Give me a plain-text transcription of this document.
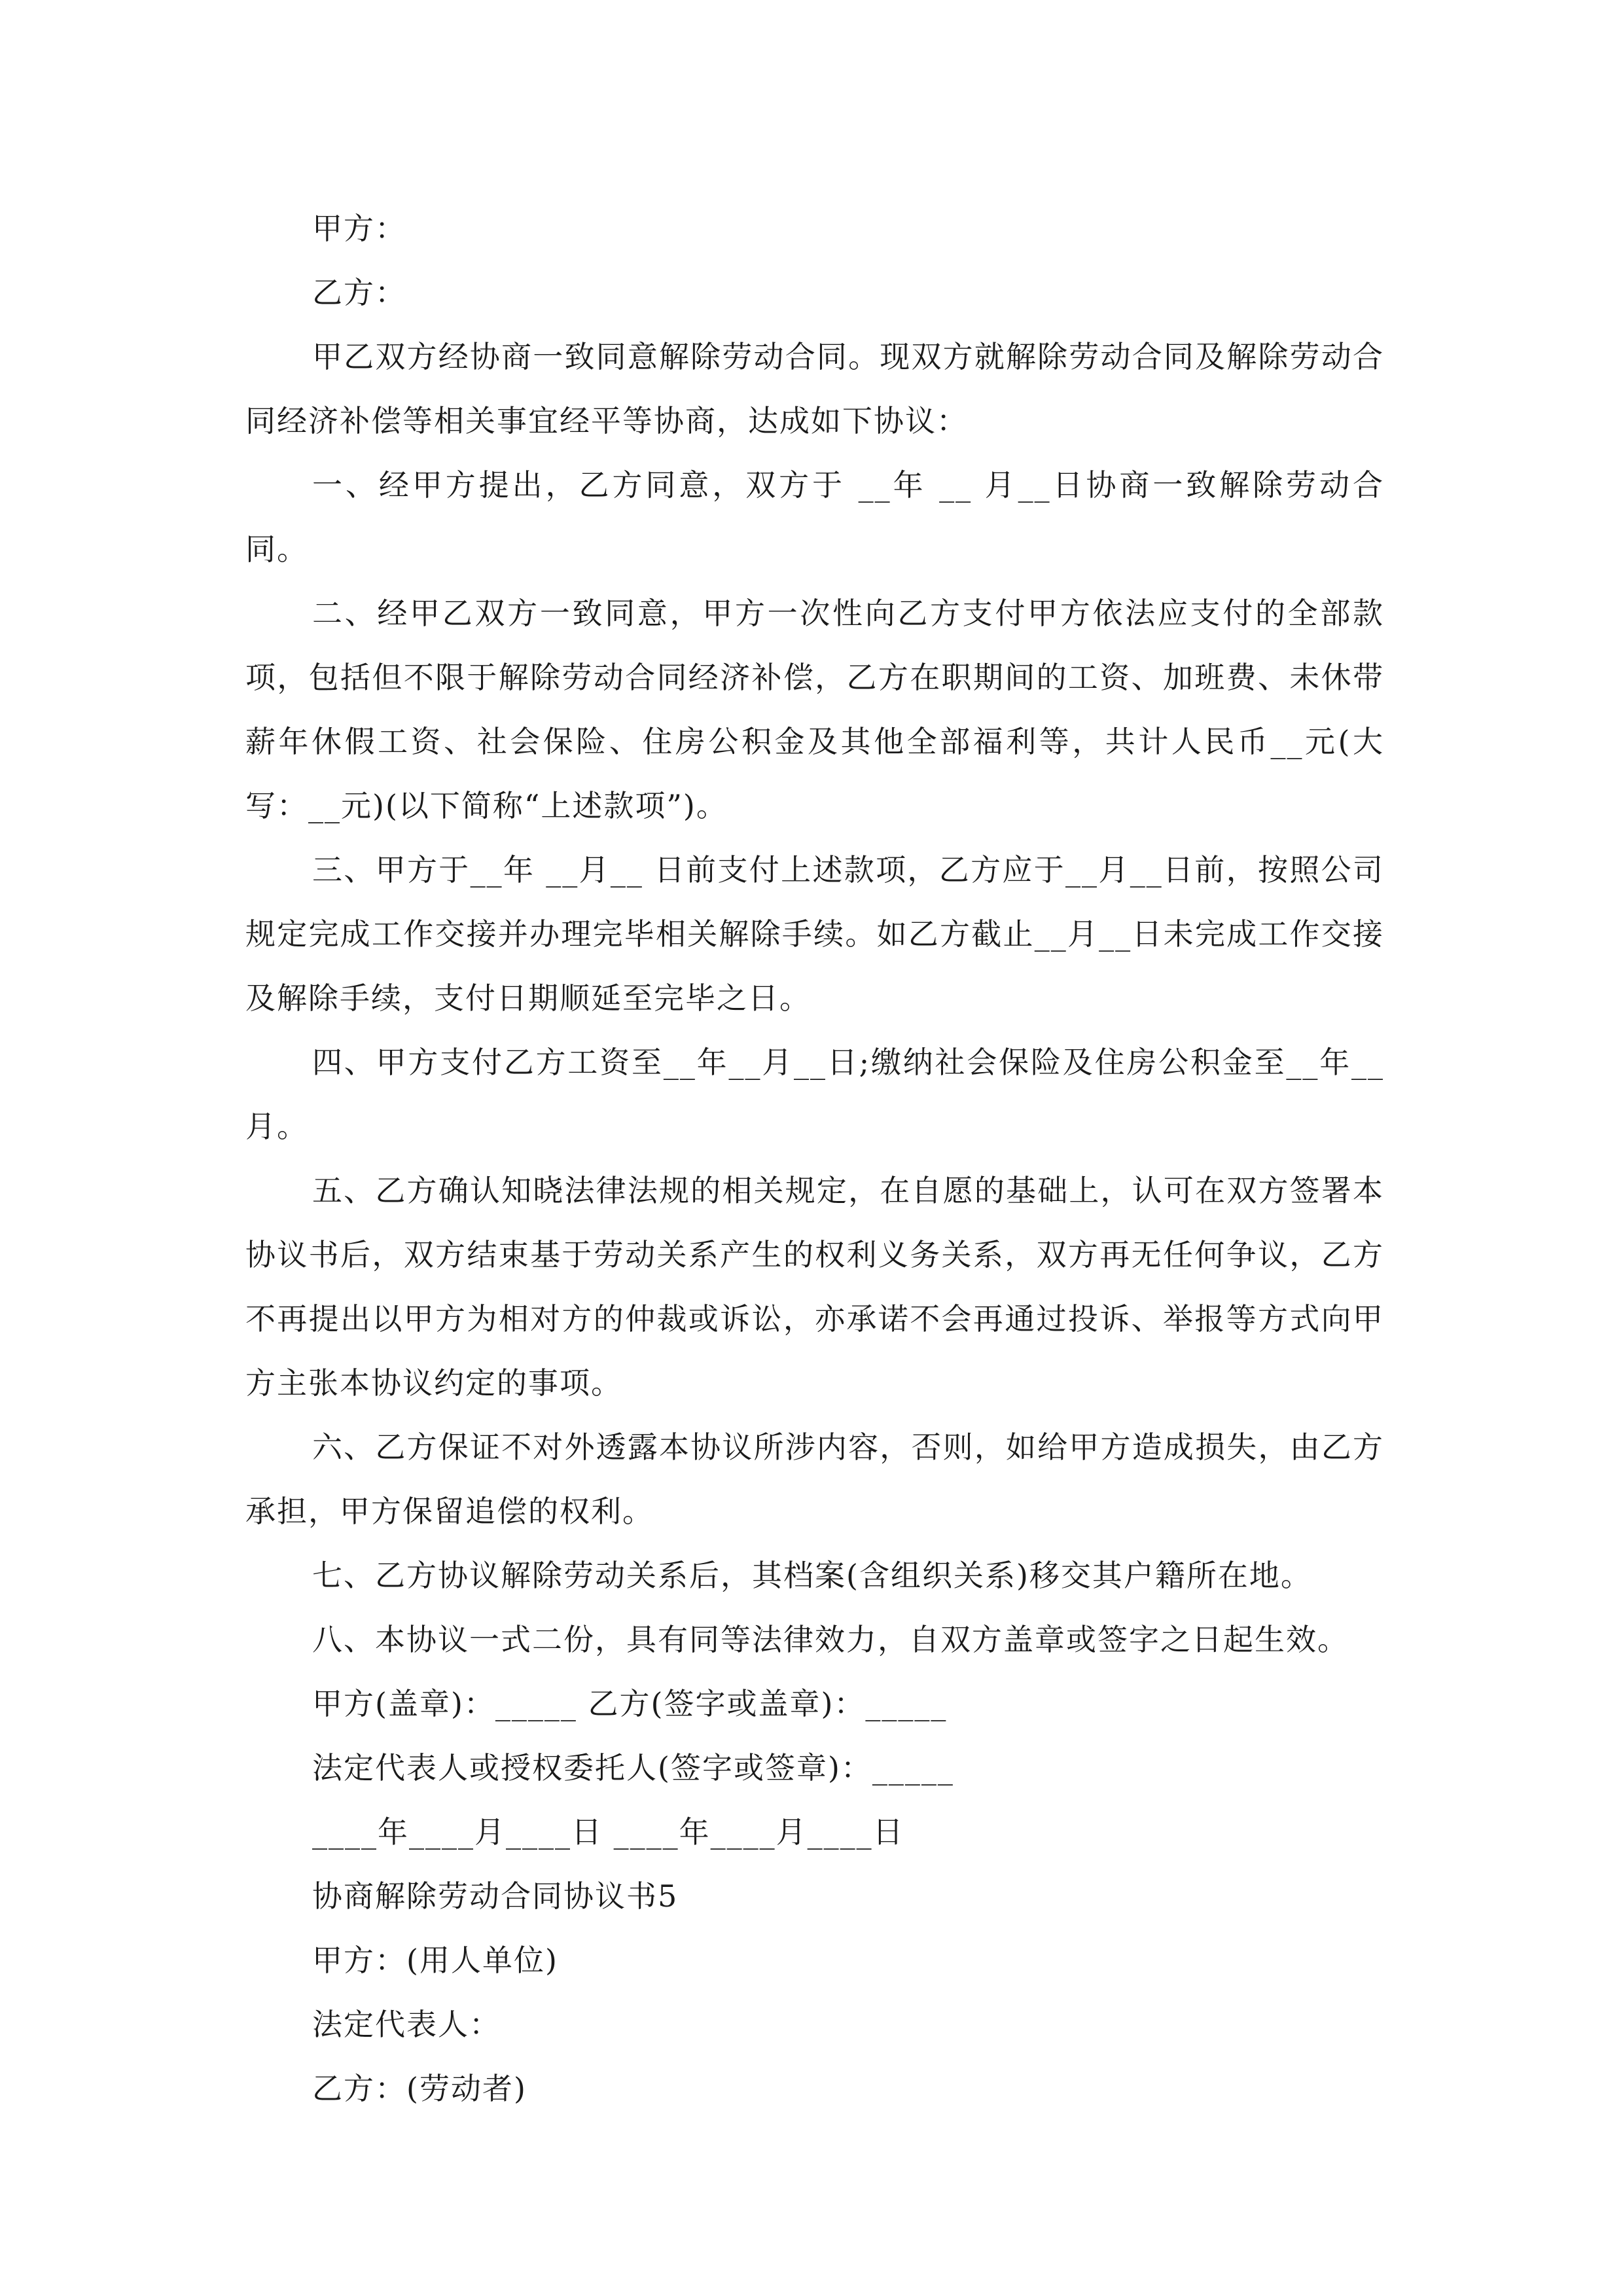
甲方：
乙方：
甲乙双方经协商一致同意解除劳动合同。现双方就解除劳动合同及解除劳动合同经济补偿等相关事宜经平等协商，达成如下协议：
一、经甲方提出，乙方同意，双方于 __年 __ 月__日协商一致解除劳动合同。
二、经甲乙双方一致同意，甲方一次性向乙方支付甲方依法应支付的全部款项，包括但不限于解除劳动合同经济补偿，乙方在职期间的工资、加班费、未休带薪年休假工资、社会保险、住房公积金及其他全部福利等，共计人民币__元(大写：__元)(以下简称“上述款项”)。
三、甲方于__年 __月__ 日前支付上述款项，乙方应于__月__日前，按照公司规定完成工作交接并办理完毕相关解除手续。如乙方截止__月__日未完成工作交接及解除手续，支付日期顺延至完毕之日。
四、甲方支付乙方工资至__年__月__日;缴纳社会保险及住房公积金至__年__月。
五、乙方确认知晓法律法规的相关规定，在自愿的基础上，认可在双方签署本协议书后，双方结束基于劳动关系产生的权利义务关系，双方再无任何争议，乙方不再提出以甲方为相对方的仲裁或诉讼，亦承诺不会再通过投诉、举报等方式向甲方主张本协议约定的事项。
六、乙方保证不对外透露本协议所涉内容，否则，如给甲方造成损失，由乙方承担，甲方保留追偿的权利。
七、乙方协议解除劳动关系后，其档案(含组织关系)移交其户籍所在地。
八、本协议一式二份，具有同等法律效力，自双方盖章或签字之日起生效。
甲方(盖章)：_____ 乙方(签字或盖章)：_____
法定代表人或授权委托人(签字或签章)：_____
____年____月____日 ____年____月____日
协商解除劳动合同协议书5
甲方：(用人单位)
法定代表人：
乙方：(劳动者)
